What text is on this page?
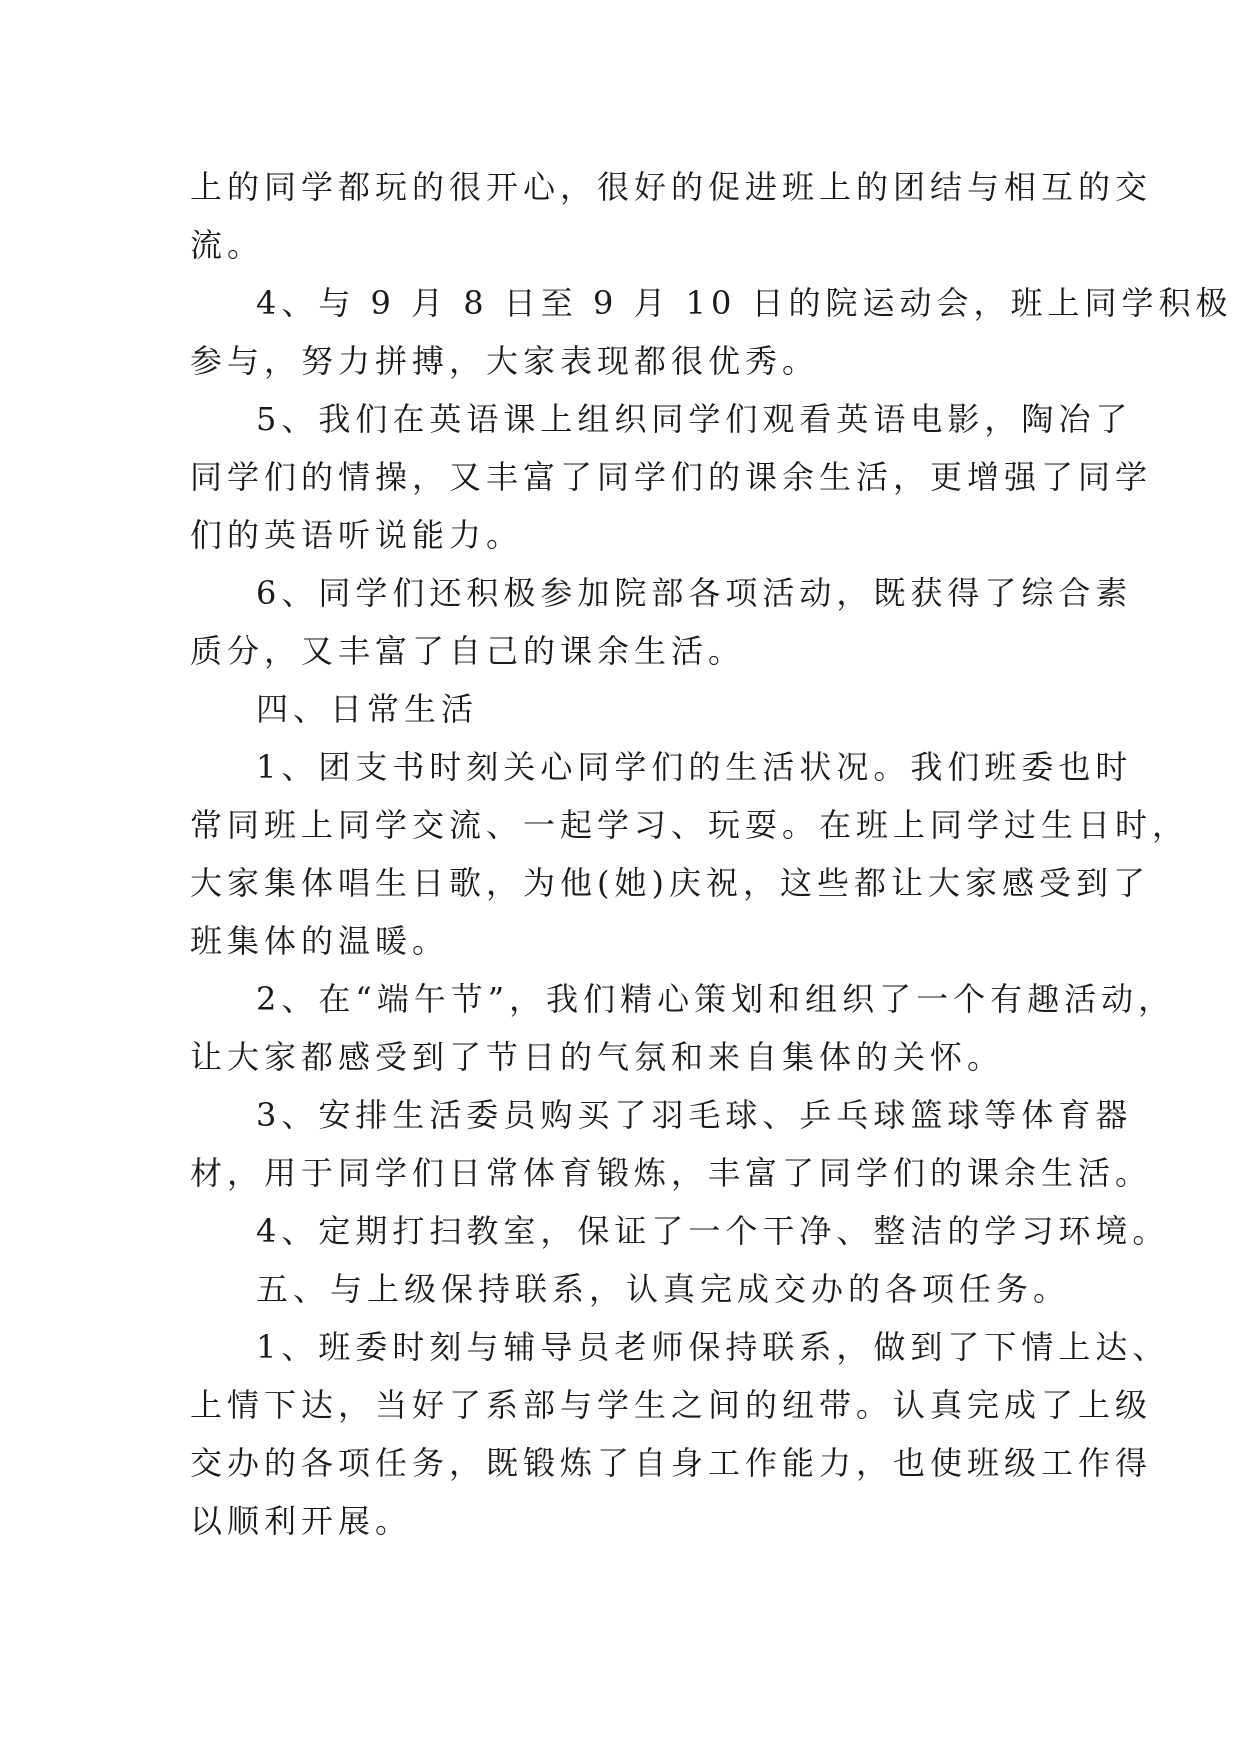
上的同学都玩的很开心，很好的促进班上的团结与相互的交
流。
4、与 9 月 8 日至 9 月 10 日的院运动会，班上同学积极
参与，努力拼搏，大家表现都很优秀。
5、我们在英语课上组织同学们观看英语电影，陶冶了
同学们的情操，又丰富了同学们的课余生活，更增强了同学
们的英语听说能力。
6、同学们还积极参加院部各项活动，既获得了综合素
质分，又丰富了自己的课余生活。
四、日常生活
1、团支书时刻关心同学们的生活状况。我们班委也时
常同班上同学交流、一起学习、玩耍。在班上同学过生日时，
大家集体唱生日歌，为他(她)庆祝，这些都让大家感受到了
班集体的温暖。
2、在“端午节”，我们精心策划和组织了一个有趣活动，
让大家都感受到了节日的气氛和来自集体的关怀。
3、安排生活委员购买了羽毛球、乒乓球篮球等体育器
材，用于同学们日常体育锻炼，丰富了同学们的课余生活。
4、定期打扫教室，保证了一个干净、整洁的学习环境。
五、与上级保持联系，认真完成交办的各项任务。
1、班委时刻与辅导员老师保持联系，做到了下情上达、
上情下达，当好了系部与学生之间的纽带。认真完成了上级
交办的各项任务，既锻炼了自身工作能力，也使班级工作得
以顺利开展。
